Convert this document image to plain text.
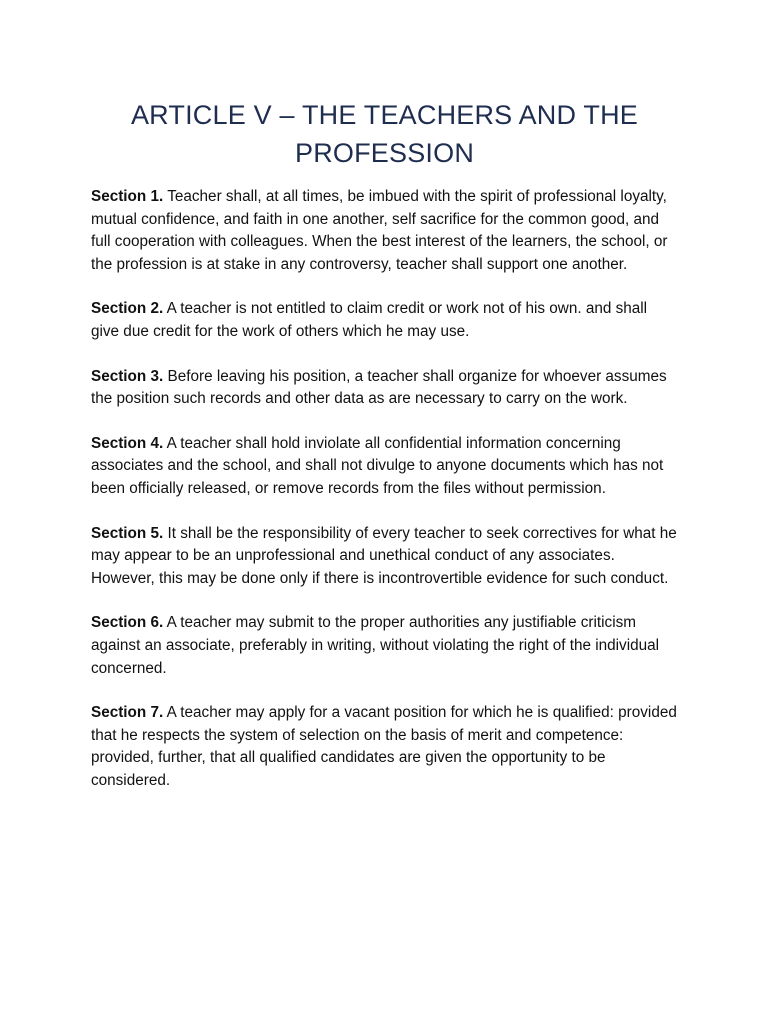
ARTICLE V – THE TEACHERS AND THE PROFESSION

Section 1. Teacher shall, at all times, be imbued with the spirit of professional loyalty, mutual confidence, and faith in one another, self sacrifice for the common good, and full cooperation with colleagues. When the best interest of the learners, the school, or the profession is at stake in any controversy, teacher shall support one another.

Section 2. A teacher is not entitled to claim credit or work not of his own. and shall give due credit for the work of others which he may use.

Section 3. Before leaving his position, a teacher shall organize for whoever assumes the position such records and other data as are necessary to carry on the work.

Section 4. A teacher shall hold inviolate all confidential information concerning associates and the school, and shall not divulge to anyone documents which has not been officially released, or remove records from the files without permission.

Section 5. It shall be the responsibility of every teacher to seek correctives for what he may appear to be an unprofessional and unethical conduct of any associates. However, this may be done only if there is incontrovertible evidence for such conduct.

Section 6. A teacher may submit to the proper authorities any justifiable criticism against an associate, preferably in writing, without violating the right of the individual concerned.

Section 7. A teacher may apply for a vacant position for which he is qualified: provided that he respects the system of selection on the basis of merit and competence: provided, further, that all qualified candidates are given the opportunity to be considered.
